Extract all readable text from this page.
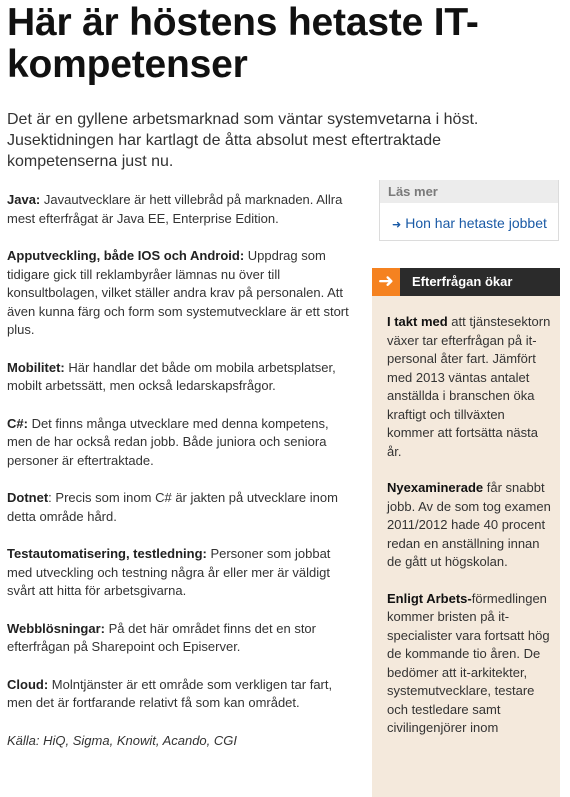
Här är höstens hetaste IT-kompetenser

Det är en gyllene arbetsmarknad som väntar systemvetarna i höst. Jusektidningen har kartlagt de åtta absolut mest eftertraktade kompetenserna just nu.

Java: Javautvecklare är hett villebråd på marknaden. Allra mest efterfrågat är Java EE, Enterprise Edition.

Apputveckling, både IOS och Android: Uppdrag som tidigare gick till reklambyråer lämnas nu över till konsultbolagen, vilket ställer andra krav på personalen. Att även kunna färg och form som systemutvecklare är ett stort plus.

Mobilitet: Här handlar det både om mobila arbetsplatser, mobilt arbetssätt, men också ledarskapsfrågor.

C#: Det finns många utvecklare med denna kompetens, men de har också redan jobb. Både juniora och seniora personer är eftertraktade.

Dotnet: Precis som inom C# är jakten på utvecklare inom detta område hård.

Testautomatisering, testledning: Personer som jobbat med utveckling och testning några år eller mer är väldigt svårt att hitta för arbetsgivarna.

Webblösningar: På det här området finns det en stor efterfrågan på Sharepoint och Episerver.

Cloud: Molntjänster är ett område som verkligen tar fart, men det är fortfarande relativt få som kan området.

Källa: HiQ, Sigma, Knowit, Acando, CGI

Läs mer
➜ Hon har hetaste jobbet
➜	Efterfrågan ökar

I takt med att tjänstesektorn växer tar efterfrågan på it-personal åter fart. Jämfört med 2013 väntas antalet anställda i branschen öka kraftigt och tillväxten kommer att fortsätta nästa år.

Nyexaminerade får snabbt jobb. Av de som tog examen 2011/2012 hade 40 procent redan en anställning innan de gått ut högskolan.

Enligt Arbets-förmedlingen kommer bristen på it-specialister vara fortsatt hög de kommande tio åren. De bedömer att it-arkitekter, systemutvecklare, testare och testledare samt civilingenjörer inom
